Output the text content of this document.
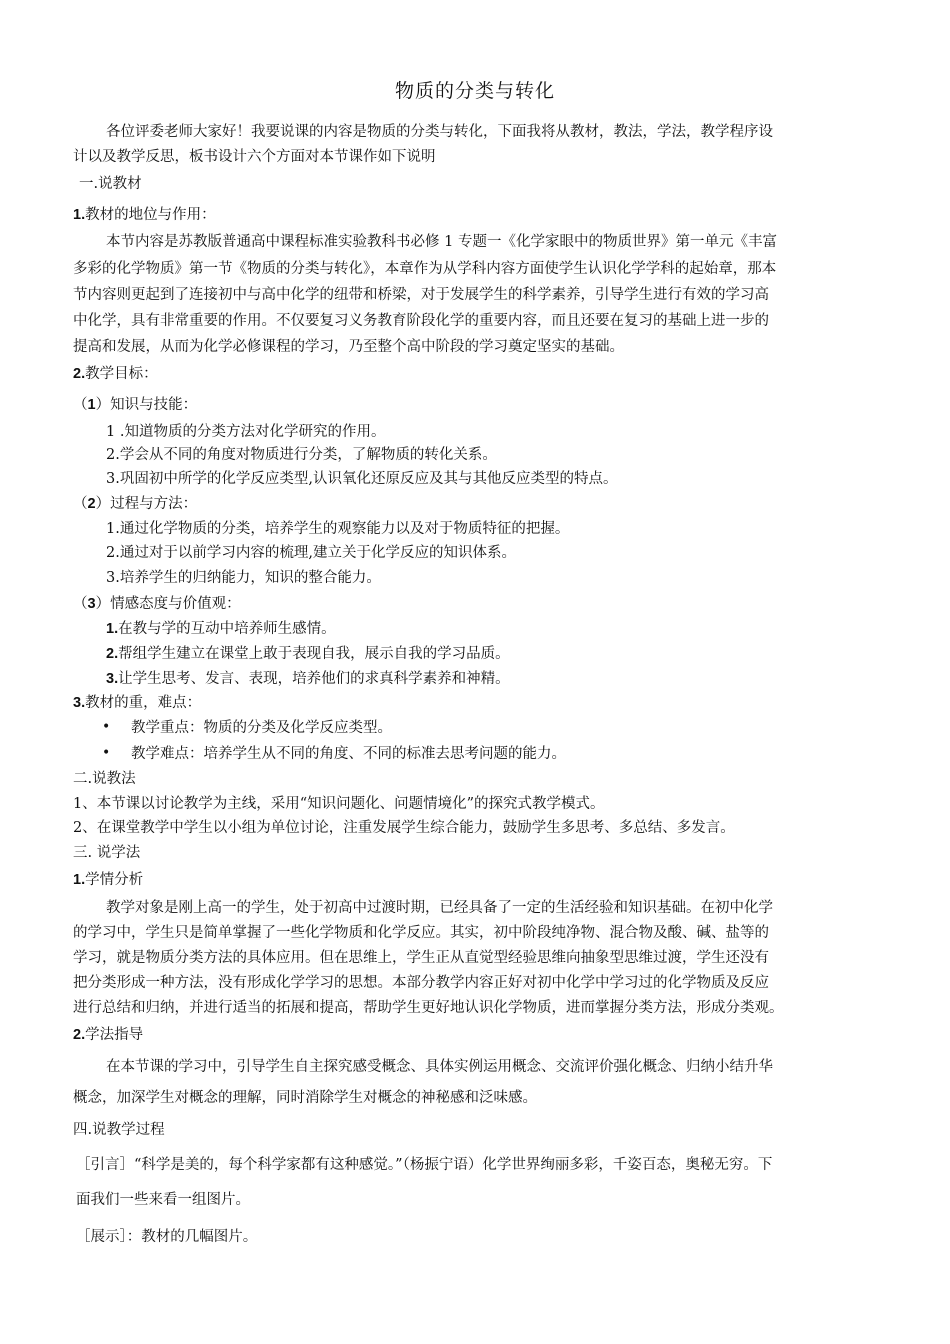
物质的分类与转化
各位评委老师大家好！我要说课的内容是物质的分类与转化，下面我将从教材，教法，学法，教学程序设
计以及教学反思，板书设计六个方面对本节课作如下说明
一.说教材
1.教材的地位与作用：
本节内容是苏教版普通高中课程标准实验教科书必修 1 专题一《化学家眼中的物质世界》第一单元《丰富
多彩的化学物质》第一节《物质的分类与转化》，本章作为从学科内容方面使学生认识化学学科的起始章，那本
节内容则更起到了连接初中与高中化学的纽带和桥梁，对于发展学生的科学素养，引导学生进行有效的学习高
中化学，具有非常重要的作用。不仅要复习义务教育阶段化学的重要内容，而且还要在复习的基础上进一步的
提高和发展，从而为化学必修课程的学习，乃至整个高中阶段的学习奠定坚实的基础。
2.教学目标：
（1）知识与技能：
1 .知道物质的分类方法对化学研究的作用。
2.学会从不同的角度对物质进行分类，了解物质的转化关系。
3.巩固初中所学的化学反应类型,认识氧化还原反应及其与其他反应类型的特点。
（2）过程与方法：
1.通过化学物质的分类，培养学生的观察能力以及对于物质特征的把握。
2.通过对于以前学习内容的梳理,建立关于化学反应的知识体系。
3.培养学生的归纳能力，知识的整合能力。
（3）情感态度与价值观：
1.在教与学的互动中培养师生感情。
2.帮组学生建立在课堂上敢于表现自我，展示自我的学习品质。
3.让学生思考、发言、表现，培养他们的求真科学素养和神精。
3.教材的重，难点：
• 教学重点：物质的分类及化学反应类型。
• 教学难点：培养学生从不同的角度、不同的标准去思考问题的能力。
二.说教法
1、本节课以讨论教学为主线，采用“知识问题化、问题情境化”的探究式教学模式。
2、在课堂教学中学生以小组为单位讨论，注重发展学生综合能力，鼓励学生多思考、多总结、多发言。
三. 说学法
1.学情分析
教学对象是刚上高一的学生，处于初高中过渡时期，已经具备了一定的生活经验和知识基础。在初中化学
的学习中，学生只是简单掌握了一些化学物质和化学反应。其实，初中阶段纯净物、混合物及酸、碱、盐等的
学习，就是物质分类方法的具体应用。但在思维上，学生正从直觉型经验思维向抽象型思维过渡，学生还没有
把分类形成一种方法，没有形成化学学习的思想。本部分教学内容正好对初中化学中学习过的化学物质及反应
进行总结和归纳，并进行适当的拓展和提高，帮助学生更好地认识化学物质，进而掌握分类方法，形成分类观。
2.学法指导
在本节课的学习中，引导学生自主探究感受概念、具体实例运用概念、交流评价强化概念、归纳小结升华
概念，加深学生对概念的理解，同时消除学生对概念的神秘感和泛味感。
四.说教学过程
［引言］“科学是美的，每个科学家都有这种感觉。”（杨振宁语）化学世界绚丽多彩，千姿百态，奥秘无穷。下
面我们一些来看一组图片。
［展示］：教材的几幅图片。
